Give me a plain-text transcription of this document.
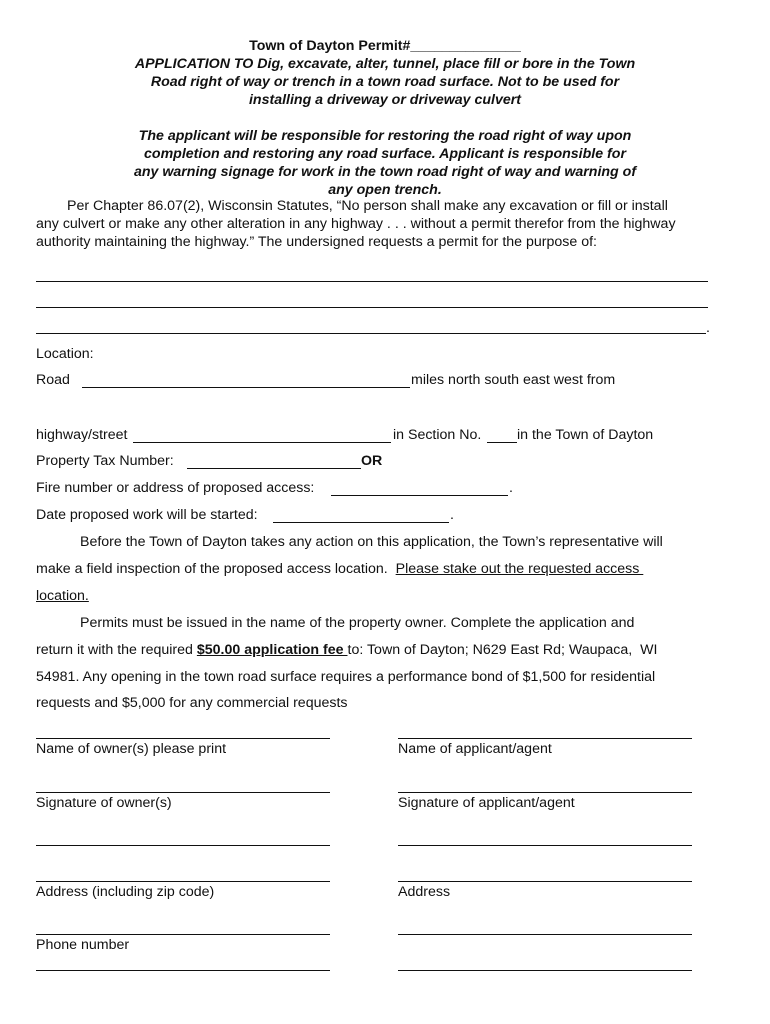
Town of Dayton Permit#______________
APPLICATION TO Dig, excavate, alter, tunnel, place fill or bore in the Town
Road right of way or trench in a town road surface. Not to be used for
installing a driveway or driveway culvert
The applicant will be responsible for restoring the road right of way upon
completion and restoring any road surface. Applicant is responsible for
any warning signage for work in the town road right of way and warning of
any open trench.
Per Chapter 86.07(2), Wisconsin Statutes, “No person shall make any excavation or fill or install
any culvert or make any other alteration in any highway . . . without a permit therefor from the highway
authority maintaining the highway.” The undersigned requests a permit for the purpose of:
.
Location:
Road	miles north south east west from
highway/street	in Section No.	in the Town of Dayton
Property Tax Number:	OR
Fire number or address of proposed access:	.
Date proposed work will be started:	.
Before the Town of Dayton takes any action on this application, the Town’s representative will
make a field inspection of the proposed access location.  Please stake out the requested access
location.
Permits must be issued in the name of the property owner. Complete the application and
return it with the required $50.00 application fee to: Town of Dayton; N629 East Rd; Waupaca,  WI
54981. Any opening in the town road surface requires a performance bond of $1,500 for residential
requests and $5,000 for any commercial requests
Name of owner(s) please print	Name of applicant/agent
Signature of owner(s)	Signature of applicant/agent
Address (including zip code)	Address
Phone number
